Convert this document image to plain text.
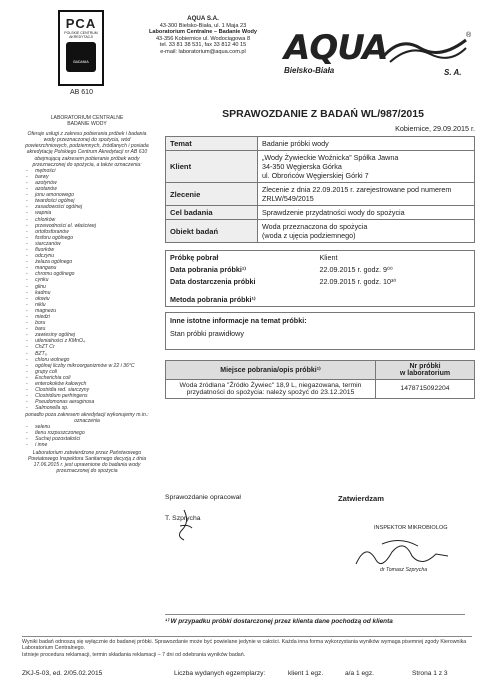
PCA
POLSKIE CENTRUM
AKREDYTACJI
BADANIA
AB 610
AQUA S.A.
43-300 Bielsko-Biała, ul. 1 Maja 23
Laboratorium Centralne – Badanie Wody
43-356 Kobiernice ul. Wodociągowa 8
tel. 33 81 38 531, fax 33 812 40 15
e-mail: laboratorium@aqua.com.pl	AQUA	®
Bielsko-Biała	S. A.
LABORATORIUM CENTRALNE
BADANIE WODY
Oferuje usługi z zakresu pobierania próbek i badania wody przeznaczonej do spożycia, wód powierzchniowych, podziemnych, źródlanych i posiada akredytację Polskiego Centrum Akredytacji nr AB 610 obejmującą zakresem pobieranie próbek wody przeznaczonej do spożycia, a także oznaczenia:
- mętności
- barwy
- azotynów
- azotanów
- jonu amonowego
- twardości ogólnej
- zasadowości ogólnej
- wapnia
- chlorków
- przewodności el. właściwej
- ortofosforanów
- fosforu ogólnego
- siarczanów
- fluorków
- odczynu
- żelaza ogólnego
- manganu
- chromu ogólnego
- cynku
- glinu
- kadmu
- ołowiu
- niklu
- magnezu
- miedzi
- boru
- baru
- zawiesiny ogólnej
- utlenialności z KMnO₄
- ChZT Cr
- BZT₅
- chloru wolnego
- ogólnej liczby mikroorganizmów w 22 i 36°C
- grupy coli
- Escherichia coli
- enterokoków kałowych
- Clostridia red. siarczyny
- Clostridium perfringens
- Pseudomonas aeruginosa
- Salmonella sp.
ponadto poza zakresem akredytacji wykonujemy m.in.: oznaczenia
- selenu
- tlenu rozpuszczonego
- Suchej pozostałości
- i inne
Laboratorium zatwierdzone przez Państwowego Powiatowego Inspektora Sanitarnego decyzją z dnia 17.06.2015 r. jest uprawnione do badania wody przeznaczonej do spożycia
SPRAWOZDANIE Z BADAŃ WL/987/2015
Kobiernice, 29.09.2015 r.
Temat	Badanie próbki wody
Klient	„Wody Żywieckie Woźnicka” Spółka Jawna
34-350 Węgierska Górka
ul. Obrońców Węgierskiej Górki 7
Zlecenie	Zlecenie z dnia 22.09.2015 r. zarejestrowane pod numerem ZRLW/549/2015
Cel badania	Sprawdzenie przydatności wody do spożycia
Obiekt badań	Woda przeznaczona do spożycia
(woda z ujęcia podziemnego)
Próbkę pobrał	Klient
Data pobrania próbki¹⁾	22.09.2015 r. godz. 9⁰⁰
Data dostarczenia próbki	22.09.2015 r. godz. 10³⁰
Metoda pobrania próbki¹⁾	
Inne istotne informacje na temat próbki:
Stan próbki prawidłowy
Miejsce pobrania/opis próbki¹⁾	Nr próbki
w laboratorium
Woda źródlana "Źródło Żywiec" 18,9 L, niegazowana, termin przydatności do spożycia: należy spożyć do 23.12.2015	1478715092204
Sprawozdanie opracował
T. Szprycha
Zatwierdzam
INSPEKTOR MIKROBIOLOG
dr Tomasz Szprycha
¹⁾ W przypadku próbki dostarczonej przez klienta dane pochodzą od klienta
Wyniki badań odnoszą się wyłącznie do badanej próbki. Sprawozdanie może być powielane jedynie w całości. Każda inna forma wykorzystania wyników wymaga pisemnej zgody Kierownika Laboratorium Centralnego.
Istnieje procedura reklamacji, termin składania reklamacji – 7 dni od odebrania wyników badań.
ZKJ-5-03, ed. 2/05.02.2015	Liczba wydanych egzemplarzy:	klient 1 egz.	a/a 1 egz.	Strona 1 z 3
